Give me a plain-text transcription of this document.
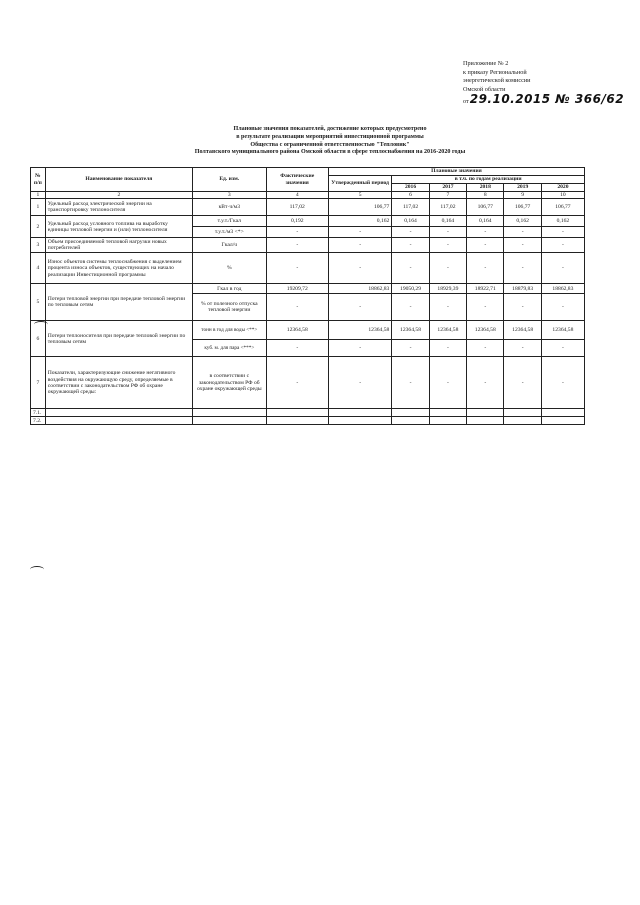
Приложение № 2
к приказу Региональной
энергетической комиссии
Омской области
от29.10.2015 № 366/62
Плановые значения показателей, достижение которых предусмотрено
в результате реализации мероприятий инвестиционной программы
Общества с ограниченной ответственностью "Тепловик"
Полтавского муниципального района Омской области в сфере теплоснабжения на 2016-2020 годы
№ п/п	Наименование показателя	Ед. изм.	Фактические значения	Плановые значения					
				Утвержденный период	в т.ч. по годам реализации				
					2016	2017	2018	2019	2020
1	2	3	4	5	6	7	8	9	10
1	Удельный расход электрической энергии на транспортировку теплоносителя	кВт·ч/м3	117,02	106,77	117,02	117,02	106,77	106,77	106,77
2	Удельный расход условного топлива на выработку единицы тепловой энергии и (или) теплоносителя	т.у.т./Гкал	0,192	0,162	0,164	0,164	0,164	0,162	0,162
		т.у.т./м3 <*>	-	-	-	-	-	-	-
3	Объем присоединяемой тепловой нагрузки новых потребителей	Гкал/ч	-	-	-	-	-	-	-
4	Износ объектов системы теплоснабжения с выделением процента износа объектов, существующих на начало реализации Инвестиционной программы	%	-	-	-	-	-	-	-
5	Потери тепловой энергии при передаче тепловой энергии по тепловым сетям	Гкал в год	19209,72	18862,83	19050,29	18929,39	18922,71	18879,83	18862,83
		% от полезного отпуска тепловой энергии	-	-	-	-	-	-	-
6	Потери теплоносителя при передаче тепловой энергии по тепловым сетям	тонн в год для воды <**>	12364,58	12364,58	12364,58	12364,58	12364,58	12364,58	12364,58
		куб. м. для пара <***>	-	-	-	-	-	-	-
7	Показатели, характеризующие снижение негативного воздействия на окружающую среду, определяемые в соответствии с законодательством РФ об охране окружающей среды:	в соответствии с законодательством РФ об охране окружающей среды	-	-	-	-	-	-	-
7.1.									
7.2.									
